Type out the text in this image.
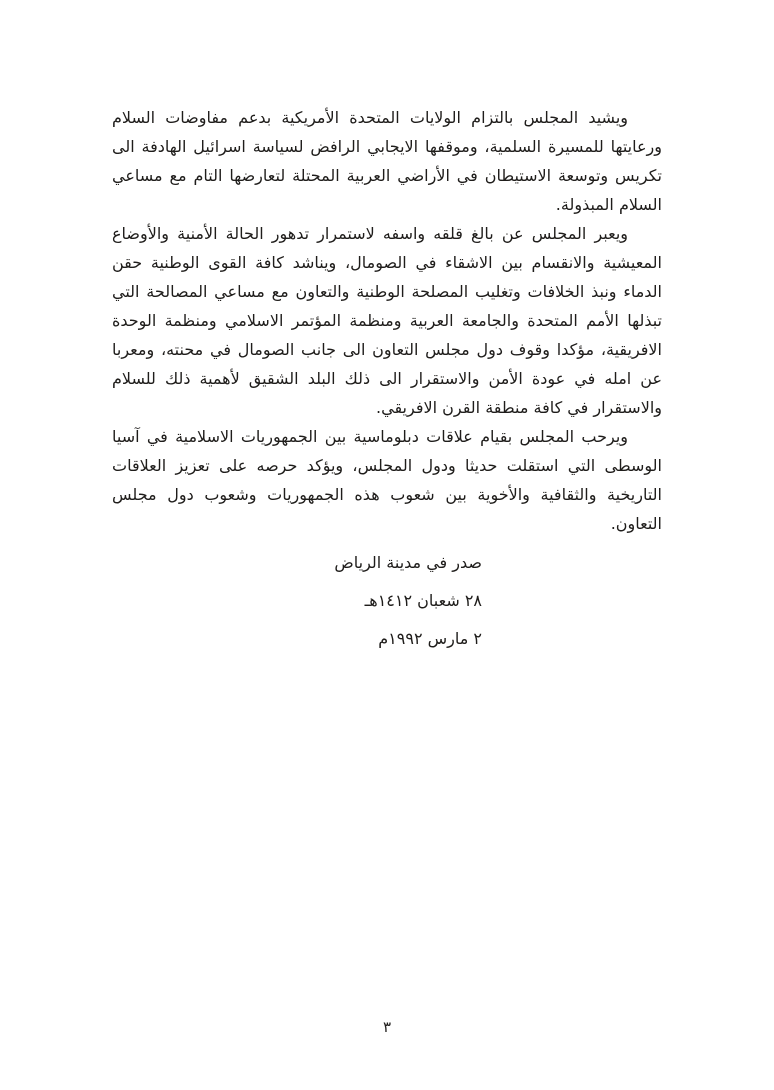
ويشيد المجلس بالتزام الولايات المتحدة الأمريكية بدعم مفاوضات السلام ورعايتها للمسيرة السلمية، وموقفها الايجابي الرافض لسياسة اسرائيل الهادفة الى تكريس وتوسعة الاستيطان في الأراضي العربية المحتلة لتعارضها التام مع مساعي السلام المبذولة.

ويعبر المجلس عن بالغ قلقه واسفه لاستمرار تدهور الحالة الأمنية والأوضاع المعيشية والانقسام بين الاشقاء في الصومال، ويناشد كافة القوى الوطنية حقن الدماء ونبذ الخلافات وتغليب المصلحة الوطنية والتعاون مع مساعي المصالحة التي تبذلها الأمم المتحدة والجامعة العربية ومنظمة المؤتمر الاسلامي ومنظمة الوحدة الافريقية، مؤكدا وقوف دول مجلس التعاون الى جانب الصومال في محنته، ومعربا عن امله في عودة الأمن والاستقرار الى ذلك البلد الشقيق لأهمية ذلك للسلام والاستقرار في كافة منطقة القرن الافريقي.

ويرحب المجلس بقيام علاقات دبلوماسية بين الجمهوريات الاسلامية في آسيا الوسطى التي استقلت حديثا ودول المجلس، ويؤكد حرصه على تعزيز العلاقات التاريخية والثقافية والأخوية بين شعوب هذه الجمهوريات وشعوب دول مجلس التعاون.

صدر في مدينة الرياض
٢٨ شعبان ١٤١٢هـ
٢ مارس ١٩٩٢م
٣
